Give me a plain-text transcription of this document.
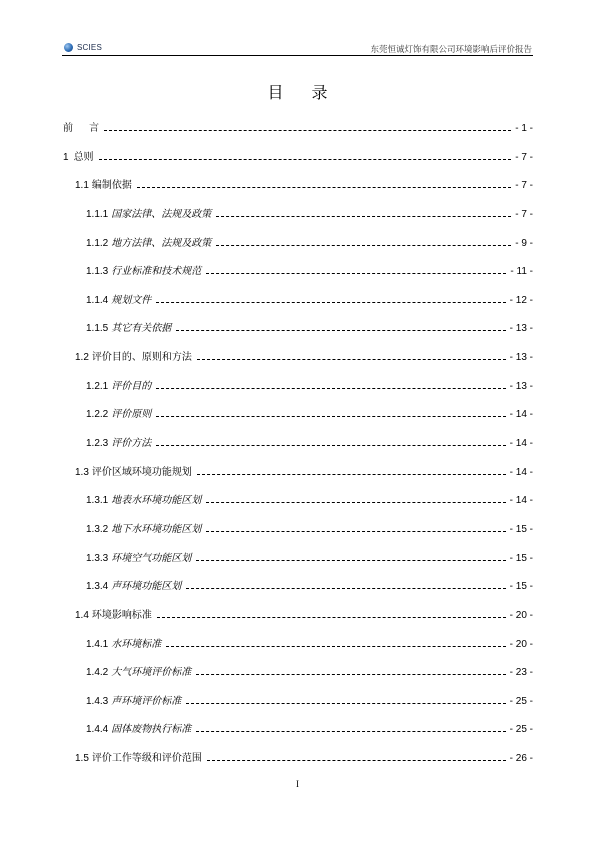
SCIES	东莞恒诚灯饰有限公司环境影响后评价报告
目录
前 言	- 1 -
1 总则	- 7 -
1.1 编制依据	- 7 -
1.1.1 国家法律、法规及政策	- 7 -
1.1.2 地方法律、法规及政策	- 9 -
1.1.3 行业标准和技术规范	- 11 -
1.1.4 规划文件	- 12 -
1.1.5 其它有关依据	- 13 -
1.2 评价目的、原则和方法	- 13 -
1.2.1 评价目的	- 13 -
1.2.2 评价原则	- 14 -
1.2.3 评价方法	- 14 -
1.3 评价区域环境功能规划	- 14 -
1.3.1 地表水环境功能区划	- 14 -
1.3.2 地下水环境功能区划	- 15 -
1.3.3 环境空气功能区划	- 15 -
1.3.4 声环境功能区划	- 15 -
1.4 环境影响标准	- 20 -
1.4.1 水环境标准	- 20 -
1.4.2 大气环境评价标准	- 23 -
1.4.3 声环境评价标准	- 25 -
1.4.4 固体废物执行标准	- 25 -
1.5 评价工作等级和评价范围	- 26 -
I
